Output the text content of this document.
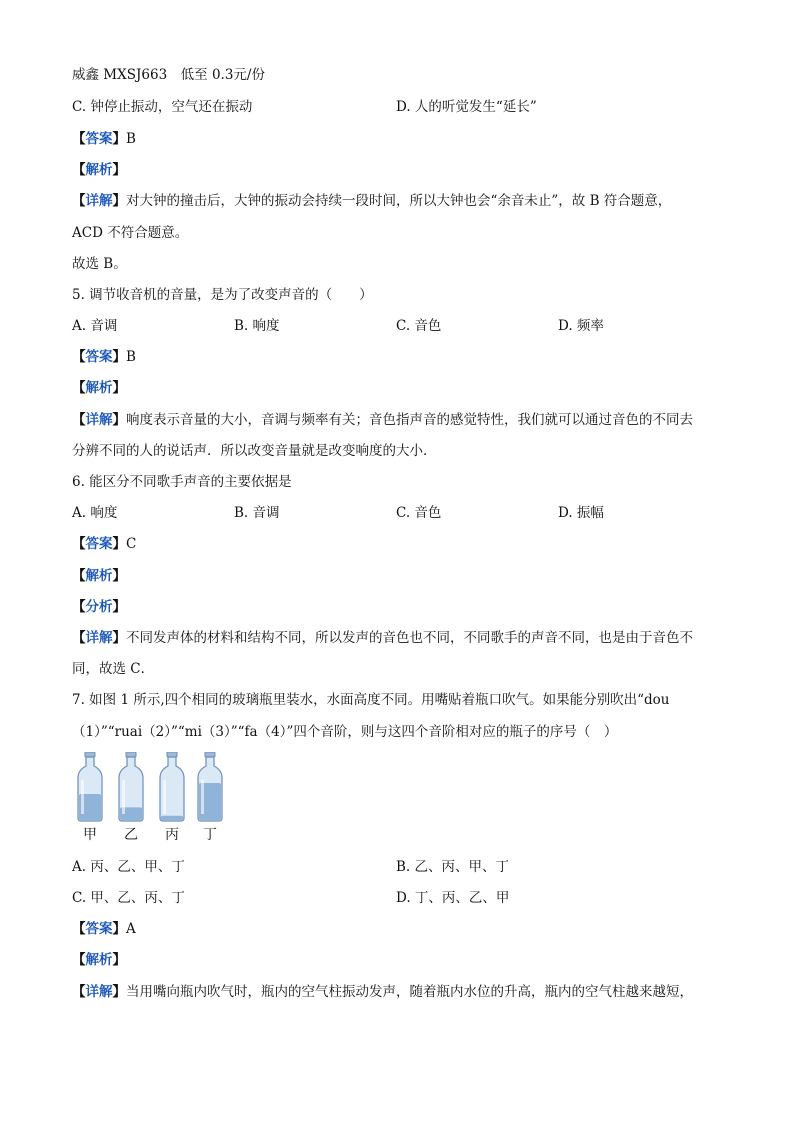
威鑫 MXSJ663　低至 0.3元/份
C. 钟停止振动，空气还在振动	D. 人的听觉发生“延长”
【答案】B
【解析】
【详解】对大钟的撞击后，大钟的振动会持续一段时间，所以大钟也会“余音未止”，故 B 符合题意，
ACD 不符合题意。
故选 B。
5. 调节收音机的音量，是为了改变声音的（　　）
A. 音调	B. 响度	C. 音色	D. 频率
【答案】B
【解析】
【详解】响度表示音量的大小，音调与频率有关；音色指声音的感觉特性，我们就可以通过音色的不同去
分辨不同的人的说话声．所以改变音量就是改变响度的大小．
6. 能区分不同歌手声音的主要依据是
A. 响度	B. 音调	C. 音色	D. 振幅
【答案】C
【解析】
【分析】
【详解】不同发声体的材料和结构不同，所以发声的音色也不同，不同歌手的声音不同，也是由于音色不
同，故选 C．
7. 如图 1 所示,四个相同的玻璃瓶里装水，水面高度不同。用嘴贴着瓶口吹气。如果能分别吹出“dou
（1）”“ruai（2）”“mi（3）”“fa（4）”四个音阶，则与这四个音阶相对应的瓶子的序号（　）
甲	乙	丙	丁
A. 丙、乙、甲、丁	B. 乙、丙、甲、丁
C. 甲、乙、丙、丁	D. 丁、丙、乙、甲
【答案】A
【解析】
【详解】当用嘴向瓶内吹气时，瓶内的空气柱振动发声，随着瓶内水位的升高，瓶内的空气柱越来越短，
